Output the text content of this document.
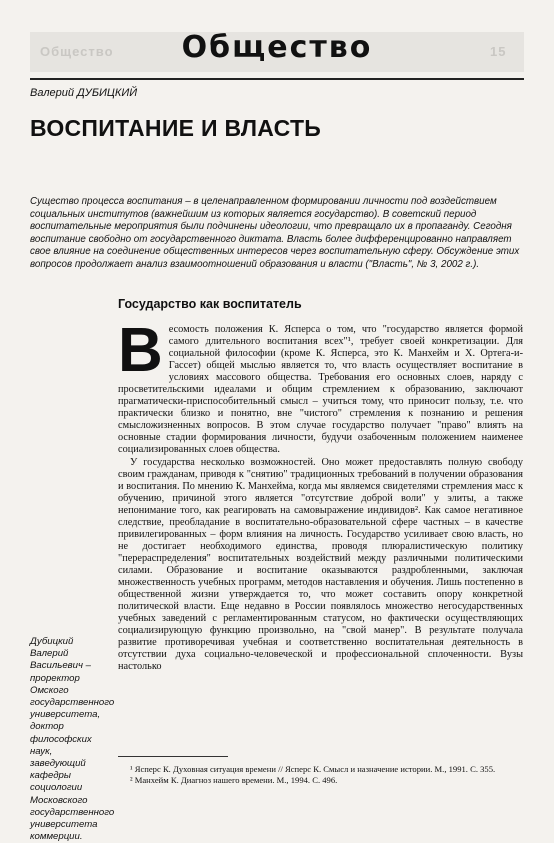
Общество	15
Общество
Валерий ДУБИЦКИЙ
ВОСПИТАНИЕ И ВЛАСТЬ
Существо процесса воспитания – в целенаправленном формировании личности под воздействием социальных институтов (важнейшим из которых является государство). В советский период воспитательные мероприятия были подчинены идеологии, что превращало их в пропаганду. Сегодня воспитание свободно от государственного диктата. Власть более дифференцированно направляет свое влияние на соединение общественных интересов через воспитательную сферу. Обсуждение этих вопросов продолжает анализ взаимоотношений образования и власти ("Власть", № 3, 2002 г.).
Государство как воспитатель

В есомость положения К. Ясперса о том, что "государство является формой самого длительного воспитания всех"¹, требует своей конкретизации. Для социальной философии (кроме К. Ясперса, это К. Манхейм и Х. Ортега-и-Гассет) общей мыслью является то, что власть осуществляет воспитание в условиях массового общества. Требования его основных слоев, наряду с просветительскими идеалами и общим стремлением к образованию, заключают прагматически-приспособительный смысл – учиться тому, что приносит пользу, т.е. что практически близко и понятно, вне "чистого" стремления к познанию и решения смысложизненных вопросов. В этом случае государство получает "право" влиять на основные стадии формирования личности, будучи озабоченным положением наименее социализированных слоев общества.

У государства несколько возможностей. Оно может предоставлять полную свободу своим гражданам, приводя к "снятию" традиционных требований в получении образования и воспитания. По мнению К. Манхейма, когда мы являемся свидетелями стремления масс к обучению, причиной этого является "отсутствие доброй воли" у элиты, а также непонимание того, как реагировать на самовыражение индивидов². Как самое негативное следствие, преобладание в воспитательно-образовательной сфере частных – в качестве привилегированных – форм влияния на личность. Государство усиливает свою власть, но не достигает необходимого единства, проводя плюралистическую политику "перераспределения" воспитательных воздействий между различными политическими силами. Образование и воспитание оказываются раздробленными, заключая множественность учебных программ, методов наставления и обучения. Лишь постепенно в общественной жизни утверждается то, что может составить опору конкретной политической власти. Еще недавно в России появлялось множество негосударственных учебных заведений с регламентированным статусом, но фактически осуществляющих социализирующую функцию произвольно, на "свой манер". В результате получала развитие противоречивая учебная и соответственно воспитательная деятельность в отсутствии духа социально-человеческой и профессиональной сплоченности. Вузы настолько

Дубицкий Валерий Васильевич – проректор Омского государственного университета, доктор философских наук, заведующий кафедры социологии Московского государственного университета коммерции.
¹ Ясперс К. Духовная ситуация времени // Ясперс К. Смысл и назначение истории. М., 1991. С. 355.
² Манхейм К. Диагноз нашего времени. М., 1994. С. 496.
